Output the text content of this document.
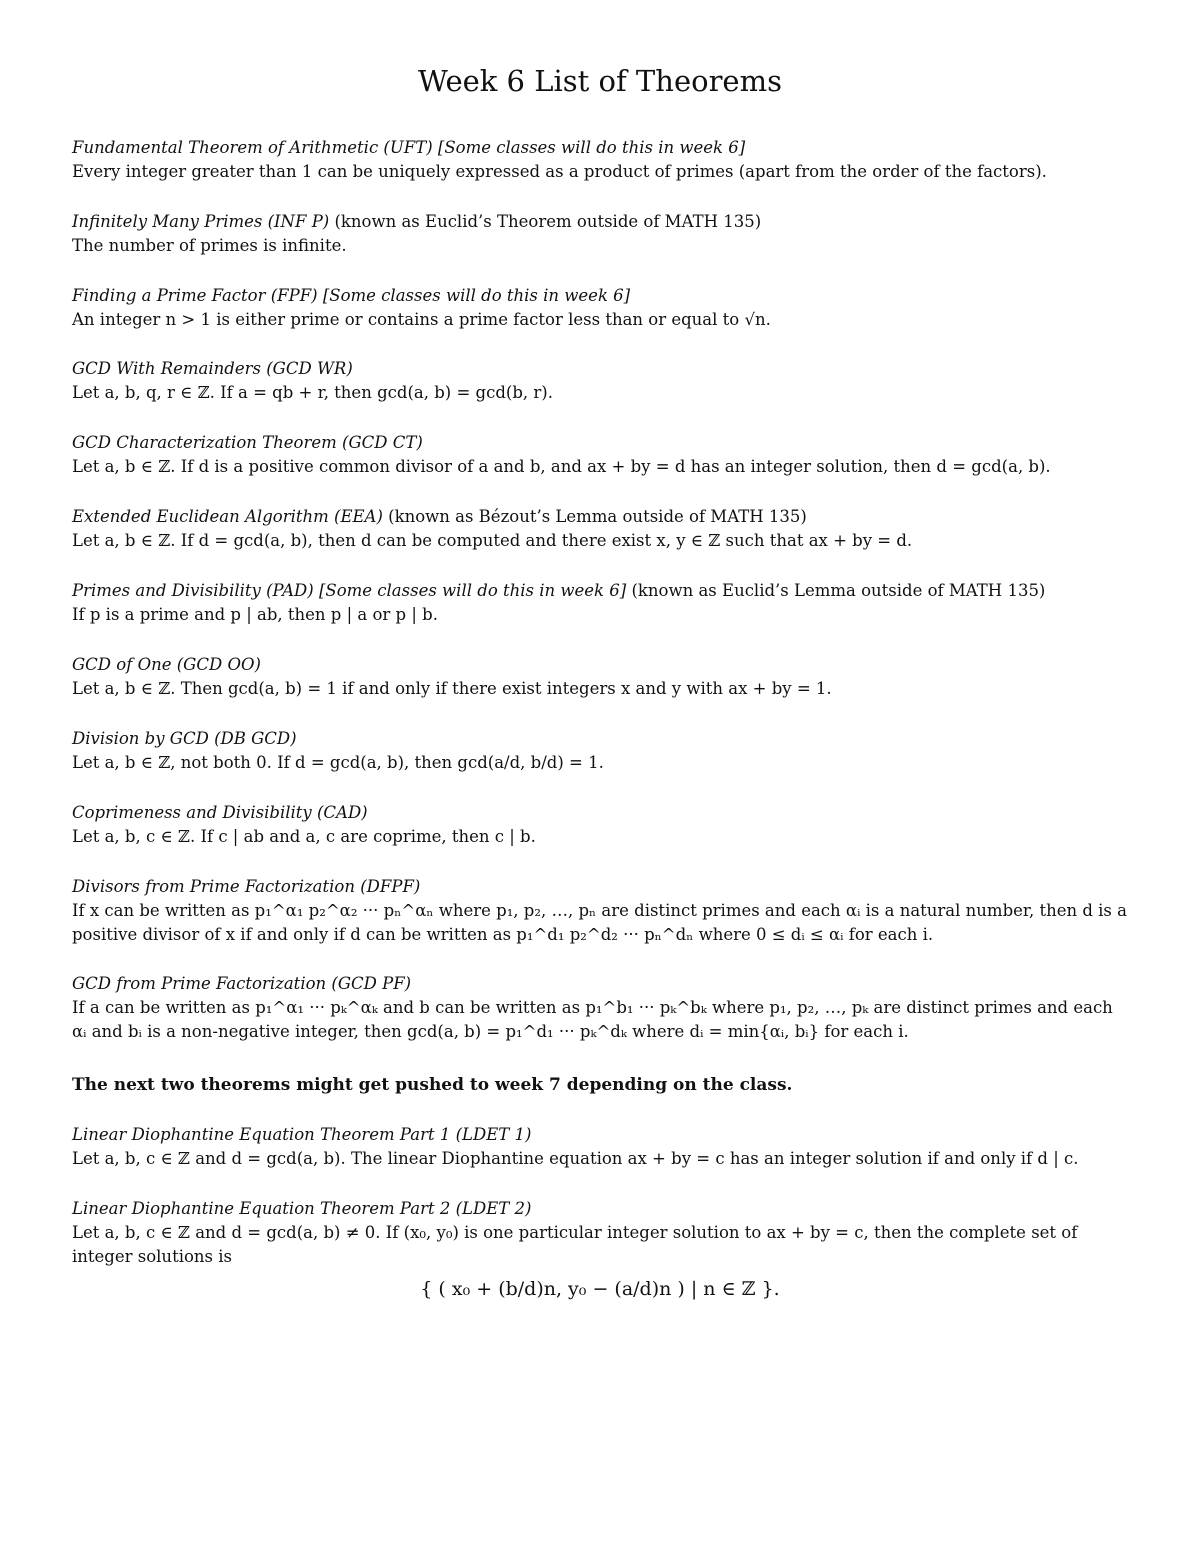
Week 6 List of Theorems

Fundamental Theorem of Arithmetic (UFT) [Some classes will do this in week 6]

Every integer greater than 1 can be uniquely expressed as a product of primes (apart from the order of the factors).

Infinitely Many Primes (INF P) (known as Euclid’s Theorem outside of MATH 135)

The number of primes is infinite.

Finding a Prime Factor (FPF) [Some classes will do this in week 6]

An integer n > 1 is either prime or contains a prime factor less than or equal to √n.

GCD With Remainders (GCD WR)

Let a, b, q, r ∈ ℤ. If a = qb + r, then gcd(a, b) = gcd(b, r).

GCD Characterization Theorem (GCD CT)

Let a, b ∈ ℤ. If d is a positive common divisor of a and b, and ax + by = d has an integer solution, then d = gcd(a, b).

Extended Euclidean Algorithm (EEA) (known as Bézout’s Lemma outside of MATH 135)

Let a, b ∈ ℤ. If d = gcd(a, b), then d can be computed and there exist x, y ∈ ℤ such that ax + by = d.

Primes and Divisibility (PAD) [Some classes will do this in week 6] (known as Euclid’s Lemma outside of MATH 135)

If p is a prime and p | ab, then p | a or p | b.

GCD of One (GCD OO)

Let a, b ∈ ℤ. Then gcd(a, b) = 1 if and only if there exist integers x and y with ax + by = 1.

Division by GCD (DB GCD)

Let a, b ∈ ℤ, not both 0. If d = gcd(a, b), then gcd(a/d, b/d) = 1.

Coprimeness and Divisibility (CAD)

Let a, b, c ∈ ℤ. If c | ab and a, c are coprime, then c | b.

Divisors from Prime Factorization (DFPF)

If x can be written as p₁^α₁ p₂^α₂ ··· pₙ^αₙ where p₁, p₂, …, pₙ are distinct primes and each αᵢ is a natural number, then d is a positive divisor of x if and only if d can be written as p₁^d₁ p₂^d₂ ··· pₙ^dₙ where 0 ≤ dᵢ ≤ αᵢ for each i.

GCD from Prime Factorization (GCD PF)

If a can be written as p₁^α₁ ··· pₖ^αₖ and b can be written as p₁^b₁ ··· pₖ^bₖ where p₁, p₂, …, pₖ are distinct primes and each αᵢ and bᵢ is a non-negative integer, then gcd(a, b) = p₁^d₁ ··· pₖ^dₖ where dᵢ = min{αᵢ, bᵢ} for each i.

The next two theorems might get pushed to week 7 depending on the class.

Linear Diophantine Equation Theorem Part 1 (LDET 1)

Let a, b, c ∈ ℤ and d = gcd(a, b). The linear Diophantine equation ax + by = c has an integer solution if and only if d | c.

Linear Diophantine Equation Theorem Part 2 (LDET 2)

Let a, b, c ∈ ℤ and d = gcd(a, b) ≠ 0. If (x₀, y₀) is one particular integer solution to ax + by = c, then the complete set of integer solutions is

{ ( x₀ + (b/d)n, y₀ − (a/d)n ) | n ∈ ℤ }.
